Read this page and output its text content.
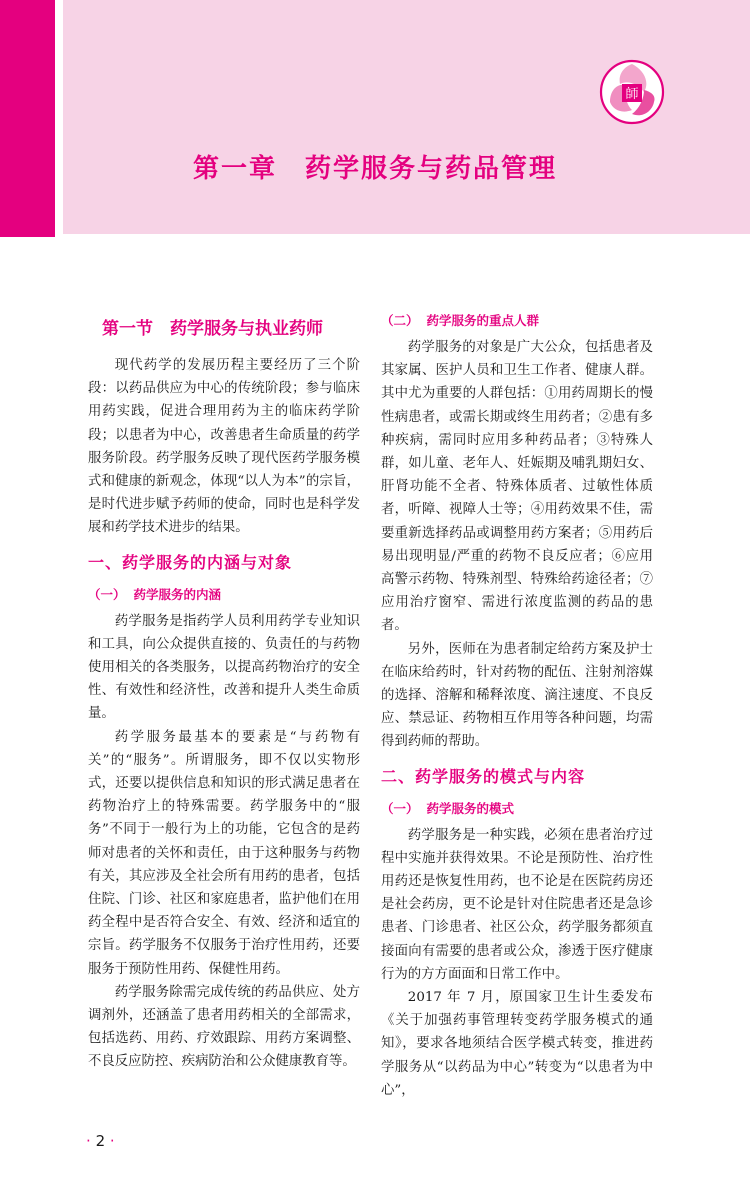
師
第一章　药学服务与药品管理
第一节　药学服务与执业药师

现代药学的发展历程主要经历了三个阶段：以药品供应为中心的传统阶段；参与临床用药实践，促进合理用药为主的临床药学阶段；以患者为中心，改善患者生命质量的药学服务阶段。药学服务反映了现代医药学服务模式和健康的新观念，体现“以人为本”的宗旨，是时代进步赋予药师的使命，同时也是科学发展和药学技术进步的结果。

一、药学服务的内涵与对象
（一） 药学服务的内涵

药学服务是指药学人员利用药学专业知识和工具，向公众提供直接的、负责任的与药物使用相关的各类服务，以提高药物治疗的安全性、有效性和经济性，改善和提升人类生命质量。

药学服务最基本的要素是“与药物有关”的“服务”。所谓服务，即不仅以实物形式，还要以提供信息和知识的形式满足患者在药物治疗上的特殊需要。药学服务中的“服务”不同于一般行为上的功能，它包含的是药师对患者的关怀和责任，由于这种服务与药物有关，其应涉及全社会所有用药的患者，包括住院、门诊、社区和家庭患者，监护他们在用药全程中是否符合安全、有效、经济和适宜的宗旨。药学服务不仅服务于治疗性用药，还要服务于预防性用药、保健性用药。

药学服务除需完成传统的药品供应、处方调剂外，还涵盖了患者用药相关的全部需求，包括选药、用药、疗效跟踪、用药方案调整、不良反应防控、疾病防治和公众健康教育等。

（二） 药学服务的重点人群

药学服务的对象是广大公众，包括患者及其家属、医护人员和卫生工作者、健康人群。其中尤为重要的人群包括：①用药周期长的慢性病患者，或需长期或终生用药者；②患有多种疾病，需同时应用多种药品者；③特殊人群，如儿童、老年人、妊娠期及哺乳期妇女、肝肾功能不全者、特殊体质者、过敏性体质者，听障、视障人士等；④用药效果不佳，需要重新选择药品或调整用药方案者；⑤用药后易出现明显/严重的药物不良反应者；⑥应用高警示药物、特殊剂型、特殊给药途径者；⑦应用治疗窗窄、需进行浓度监测的药品的患者。

另外，医师在为患者制定给药方案及护士在临床给药时，针对药物的配伍、注射剂溶媒的选择、溶解和稀释浓度、滴注速度、不良反应、禁忌证、药物相互作用等各种问题，均需得到药师的帮助。

二、药学服务的模式与内容
（一） 药学服务的模式

药学服务是一种实践，必须在患者治疗过程中实施并获得效果。不论是预防性、治疗性用药还是恢复性用药，也不论是在医院药房还是社会药房，更不论是针对住院患者还是急诊患者、门诊患者、社区公众，药学服务都须直接面向有需要的患者或公众，渗透于医疗健康行为的方方面面和日常工作中。

2017 年 7 月，原国家卫生计生委发布《关于加强药事管理转变药学服务模式的通知》，要求各地须结合医学模式转变，推进药学服务从“以药品为中心”转变为“以患者为中心”，

· 2 ·
